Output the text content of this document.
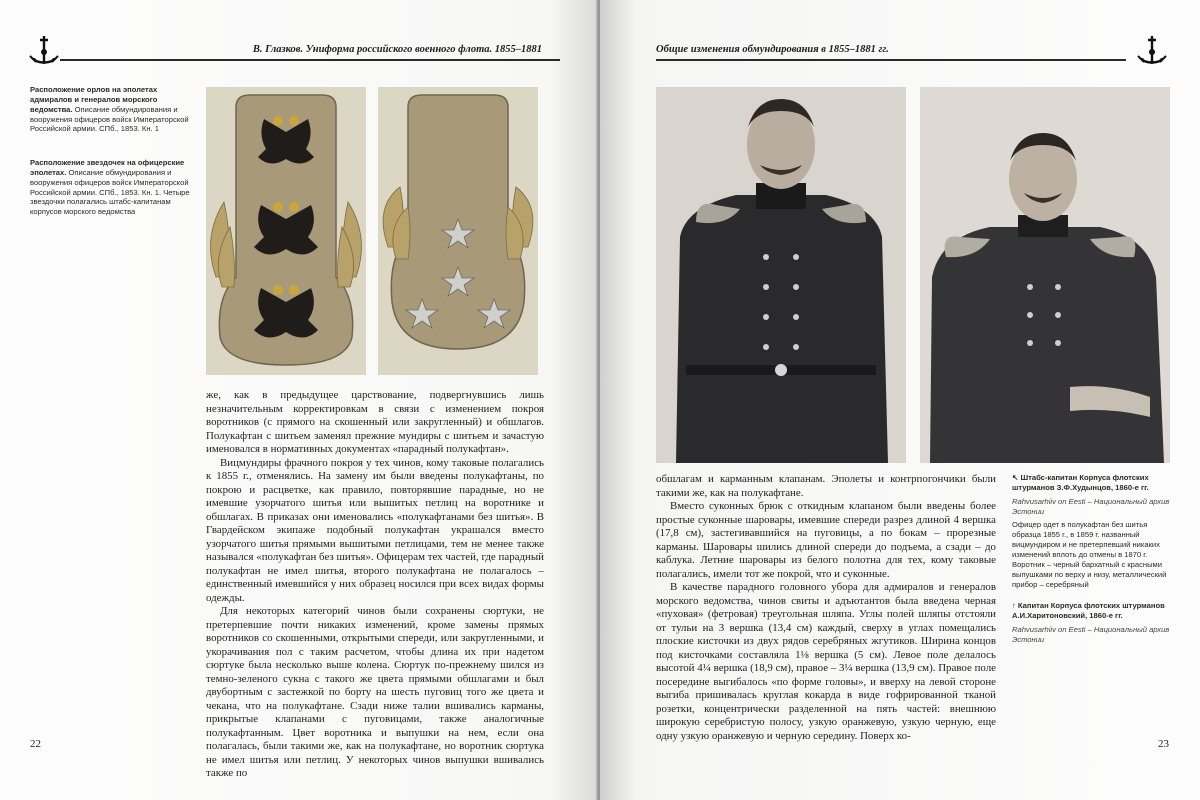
В. Глазков. Униформа российского военного флота. 1855–1881
Расположение орлов на эполетах адмиралов и генералов морского ведомства. Описание обмундирования и вооружения офицеров войск Императорской Российской армии. СПб., 1853. Кн. 1
Расположение звездочек на офицерские эполетах. Описание обмундирования и вооружения офицеров войск Императорской Российской армии. СПб., 1853. Кн. 1. Четыре звездочки полагались штабс-капитанам корпусов морского ведомства

же, как в предыдущее царствование, подвергнувшись лишь незначительным корректировкам в связи с изменением покроя воротников (с прямого на скошенный или закругленный) и обшлагов. Полукафтан с шитьем заменял прежние мундиры с шитьем и зачастую именовался в нормативных документах «парадный полукафтан».

Вицмундиры фрачного покроя у тех чинов, кому таковые полагались к 1855 г., отменялись. На замену им были введены полукафтаны, по покрою и расцветке, как правило, повторявшие парадные, но не имевшие узорчатого шитья или вышитых петлиц на воротнике и обшлагах. В приказах они именовались «полукафтанами без шитья». В Гвардейском экипаже подобный полукафтан украшался вместо узорчатого шитья прямыми вышитыми петлицами, тем не менее также назывался «полукафтан без шитья». Офицерам тех частей, где парадный полукафтан не имел шитья, второго полукафтана не полагалось – единственный имевшийся у них образец носился при всех видах формы одежды.

Для некоторых категорий чинов были сохранены сюртуки, не претерпевшие почти никаких изменений, кроме замены прямых воротников со скошенными, открытыми спереди, или закругленными, и укорачивания пол с таким расчетом, чтобы длина их при надетом сюртуке была несколько выше колена. Сюртук по-прежнему шился из темно-зеленого сукна с такого же цвета прямыми обшлагами и был двубортным с застежкой по борту на шесть пуговиц того же цвета и чекана, что на полукафтане. Сзади ниже талии вшивались карманы, прикрытые клапанами с пуговицами, также аналогичные полукафтанным. Цвет воротника и выпушки на нем, если она полагалась, были такими же, как на полукафтане, но воротник сюртука не имел шитья или петлиц. У некоторых чинов выпушки вшивались также по

22
Общие изменения обмундирования в 1855–1881 гг.
↖ Штабс-капитан Корпуса флотских штурманов З.Ф.Худынцов, 1860-е гг.
Rahvusarhiiv on Eesti – Национальный архив Эстонии
Офицер одет в полукафтан без шитья образца 1855 г., в 1859 г. названный вицмундиром и не претерпевший никаких изменений вплоть до отмены в 1870 г. Воротник – черный бархатный с красными выпушками по верху и низу, металлический прибор – серебряный
↑ Капитан Корпуса флотских штурманов А.И.Харитоновский, 1860-е гг.
Rahvusarhiiv on Eesti – Национальный архив Эстонии

обшлагам и карманным клапанам. Эполеты и контрпогончики были такими же, как на полукафтане.

Вместо суконных брюк с откидным клапаном были введены более простые суконные шаровары, имевшие спереди разрез длиной 4 вершка (17,8 см), застегивавшийся на пуговицы, а по бокам – прорезные карманы. Шаровары шились длиной спереди до подъема, а сзади – до каблука. Летние шаровары из белого полотна для тех, кому таковые полагались, имели тот же покрой, что и суконные.

В качестве парадного головного убора для адмиралов и генералов морского ведомства, чинов свиты и адъютантов была введена черная «пуховая» (фетровая) треугольная шляпа. Углы полей шляпы отстояли от тульи на 3 вершка (13,4 см) каждый, сверху в углах помещались плоские кисточки из двух рядов серебряных жгутиков. Ширина концов под кисточками составляла 1⅛ вершка (5 см). Левое поле делалось высотой 4¼ вершка (18,9 см), правое – 3¼ вершка (13,9 см). Правое поле посередине выгибалось «по форме головы», и вверху на левой стороне выгиба пришивалась круглая кокарда в виде гофрированной тканой розетки, концентрически разделенной на пять частей: внешнюю широкую серебристую полосу, узкую оранжевую, узкую черную, еще одну узкую оранжевую и черную середину. Поверх ко-

23
